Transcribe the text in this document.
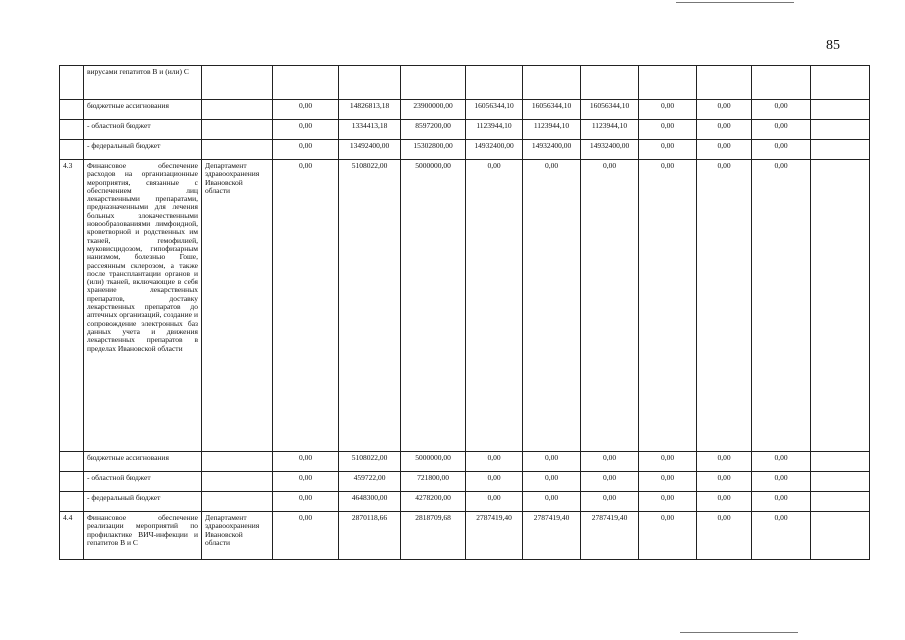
85
	вирусами гепатитов В и (или) С											
	бюджетные ассигнования		0,00	14826813,18	23900000,00	16056344,10	16056344,10	16056344,10	0,00	0,00	0,00	
	- областной бюджет		0,00	1334413,18	8597200,00	1123944,10	1123944,10	1123944,10	0,00	0,00	0,00	
	- федеральный бюджет		0,00	13492400,00	15302800,00	14932400,00	14932400,00	14932400,00	0,00	0,00	0,00	
4.3	Финансовое обеспечение расходов на организационные мероприятия, связанные с обеспечением лиц лекарственными препаратами, предназначенными для лечения больных злокачественными новообразованиями лимфоидной, кроветворной и родственных им тканей, гемофилией, муковисцидозом, гипофизарным нанизмом, болезнью Гоше, рассеянным склерозом, а также после трансплантации органов и (или) тканей, включающие в себя хранение лекарственных препаратов, доставку лекарственных препаратов до аптечных организаций, создание и сопровождение электронных баз данных учета и движения лекарственных препаратов в пределах Ивановской области	Департамент здравоохранения Ивановской области	0,00	5108022,00	5000000,00	0,00	0,00	0,00	0,00	0,00	0,00	
	бюджетные ассигнования		0,00	5108022,00	5000000,00	0,00	0,00	0,00	0,00	0,00	0,00	
	- областной бюджет		0,00	459722,00	721800,00	0,00	0,00	0,00	0,00	0,00	0,00	
	- федеральный бюджет		0,00	4648300,00	4278200,00	0,00	0,00	0,00	0,00	0,00	0,00	
4.4	Финансовое обеспечение реализации мероприятий по профилактике ВИЧ-инфекции и гепатитов В и С	Департамент здравоохранения Ивановской области	0,00	2870118,66	2818709,68	2787419,40	2787419,40	2787419,40	0,00	0,00	0,00	
